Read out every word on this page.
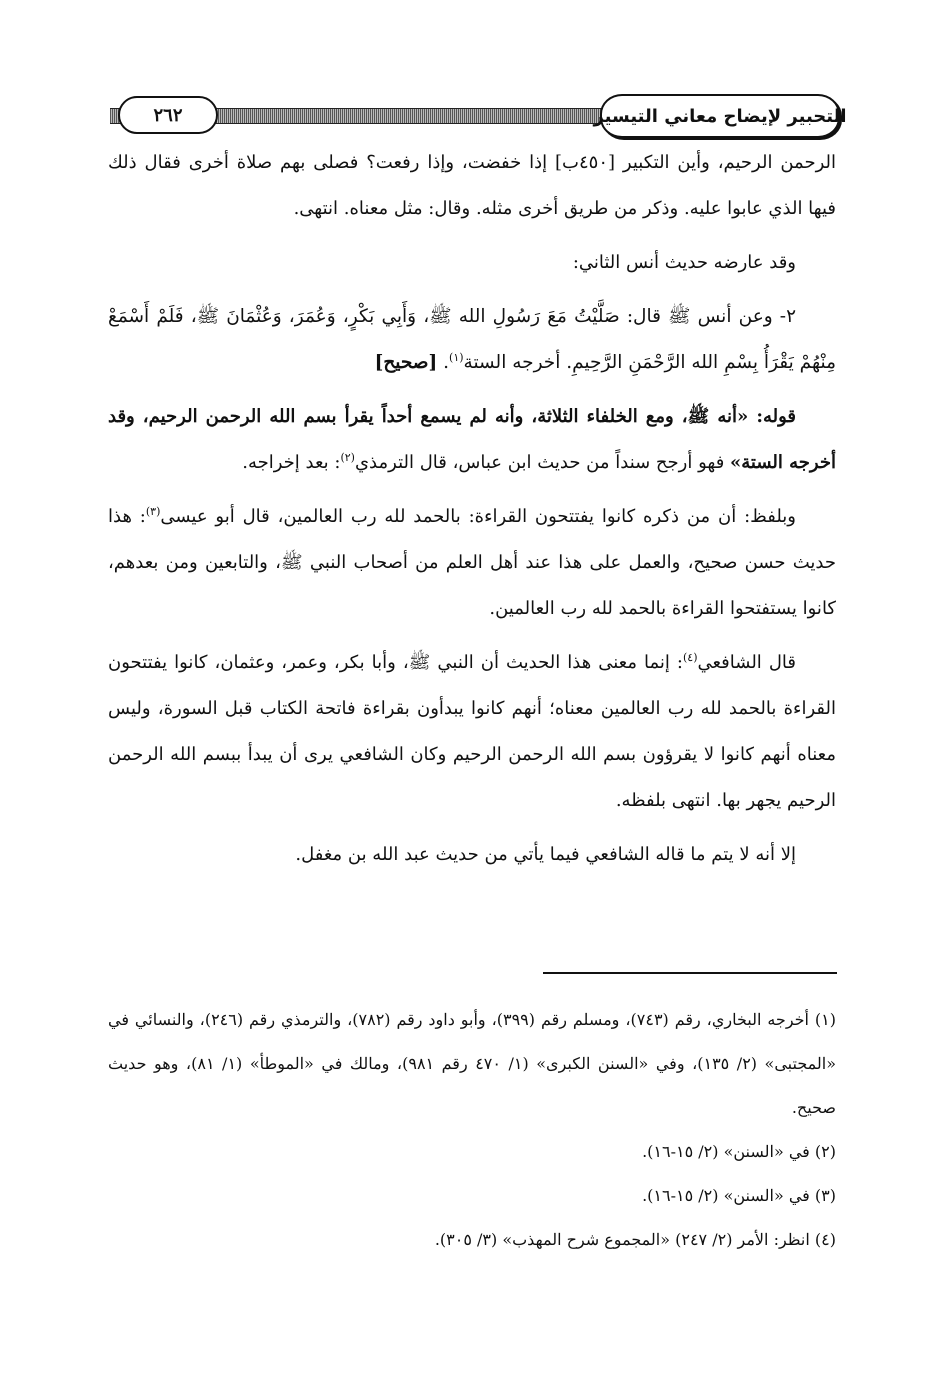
التحبير لإيضاح معاني التيسير
٢٦٢

الرحمن الرحيم، وأين التكبير [٤٥٠ب] إذا خفضت، وإذا رفعت؟ فصلى بهم صلاة أخرى فقال ذلك فيها الذي عابوا عليه. وذكر من طريق أخرى مثله. وقال: مثل معناه. انتهى.

وقد عارضه حديث أنس الثاني:

٢- وعن أنس ﷺ قال: صَلَّيْتُ مَعَ رَسُولِ الله ﷺ، وَأَبِي بَكْرٍ، وَعُمَرَ، وَعُثْمَانَ ﷺ، فَلَمْ أَسْمَعْ مِنْهُمْ يَقْرَأُ بِسْمِ الله الرَّحْمَنِ الرَّحِيمِ. أخرجه الستة$^{(١)}$. [صحيح]

قوله: «أنه ﷺ، ومع الخلفاء الثلاثة، وأنه لم يسمع أحداً يقرأ بسم الله الرحمن الرحيم، وقد أخرجه الستة» فهو أرجح سنداً من حديث ابن عباس، قال الترمذي$^{(٢)}$: بعد إخراجه.

وبلفظ: أن من ذكره كانوا يفتتحون القراءة: بالحمد لله رب العالمين، قال أبو عيسى$^{(٣)}$: هذا حديث حسن صحيح، والعمل على هذا عند أهل العلم من أصحاب النبي ﷺ، والتابعين ومن بعدهم، كانوا يستفتحوا القراءة بالحمد لله رب العالمين.

قال الشافعي$^{(٤)}$: إنما معنى هذا الحديث أن النبي ﷺ، وأبا بكر، وعمر، وعثمان، كانوا يفتتحون القراءة بالحمد لله رب العالمين معناه؛ أنهم كانوا يبدأون بقراءة فاتحة الكتاب قبل السورة، وليس معناه أنهم كانوا لا يقرؤون بسم الله الرحمن الرحيم وكان الشافعي يرى أن يبدأ ببسم الله الرحمن الرحيم يجهر بها. انتهى بلفظه.

إلا أنه لا يتم ما قاله الشافعي فيما يأتي من حديث عبد الله بن مغفل.

(١) أخرجه البخاري، رقم (٧٤٣)، ومسلم رقم (٣٩٩)، وأبو داود رقم (٧٨٢)، والترمذي رقم (٢٤٦)، والنسائي في «المجتبى» (٢/ ١٣٥)، وفي «السنن الكبرى» (١/ ٤٧٠ رقم ٩٨١)، ومالك في «الموطأ» (١/ ٨١)، وهو حديث صحيح.

(٢) في «السنن» (٢/ ١٥-١٦).

(٣) في «السنن» (٢/ ١٥-١٦).

(٤) انظر: الأمر (٢/ ٢٤٧) «المجموع شرح المهذب» (٣/ ٣٠٥).
